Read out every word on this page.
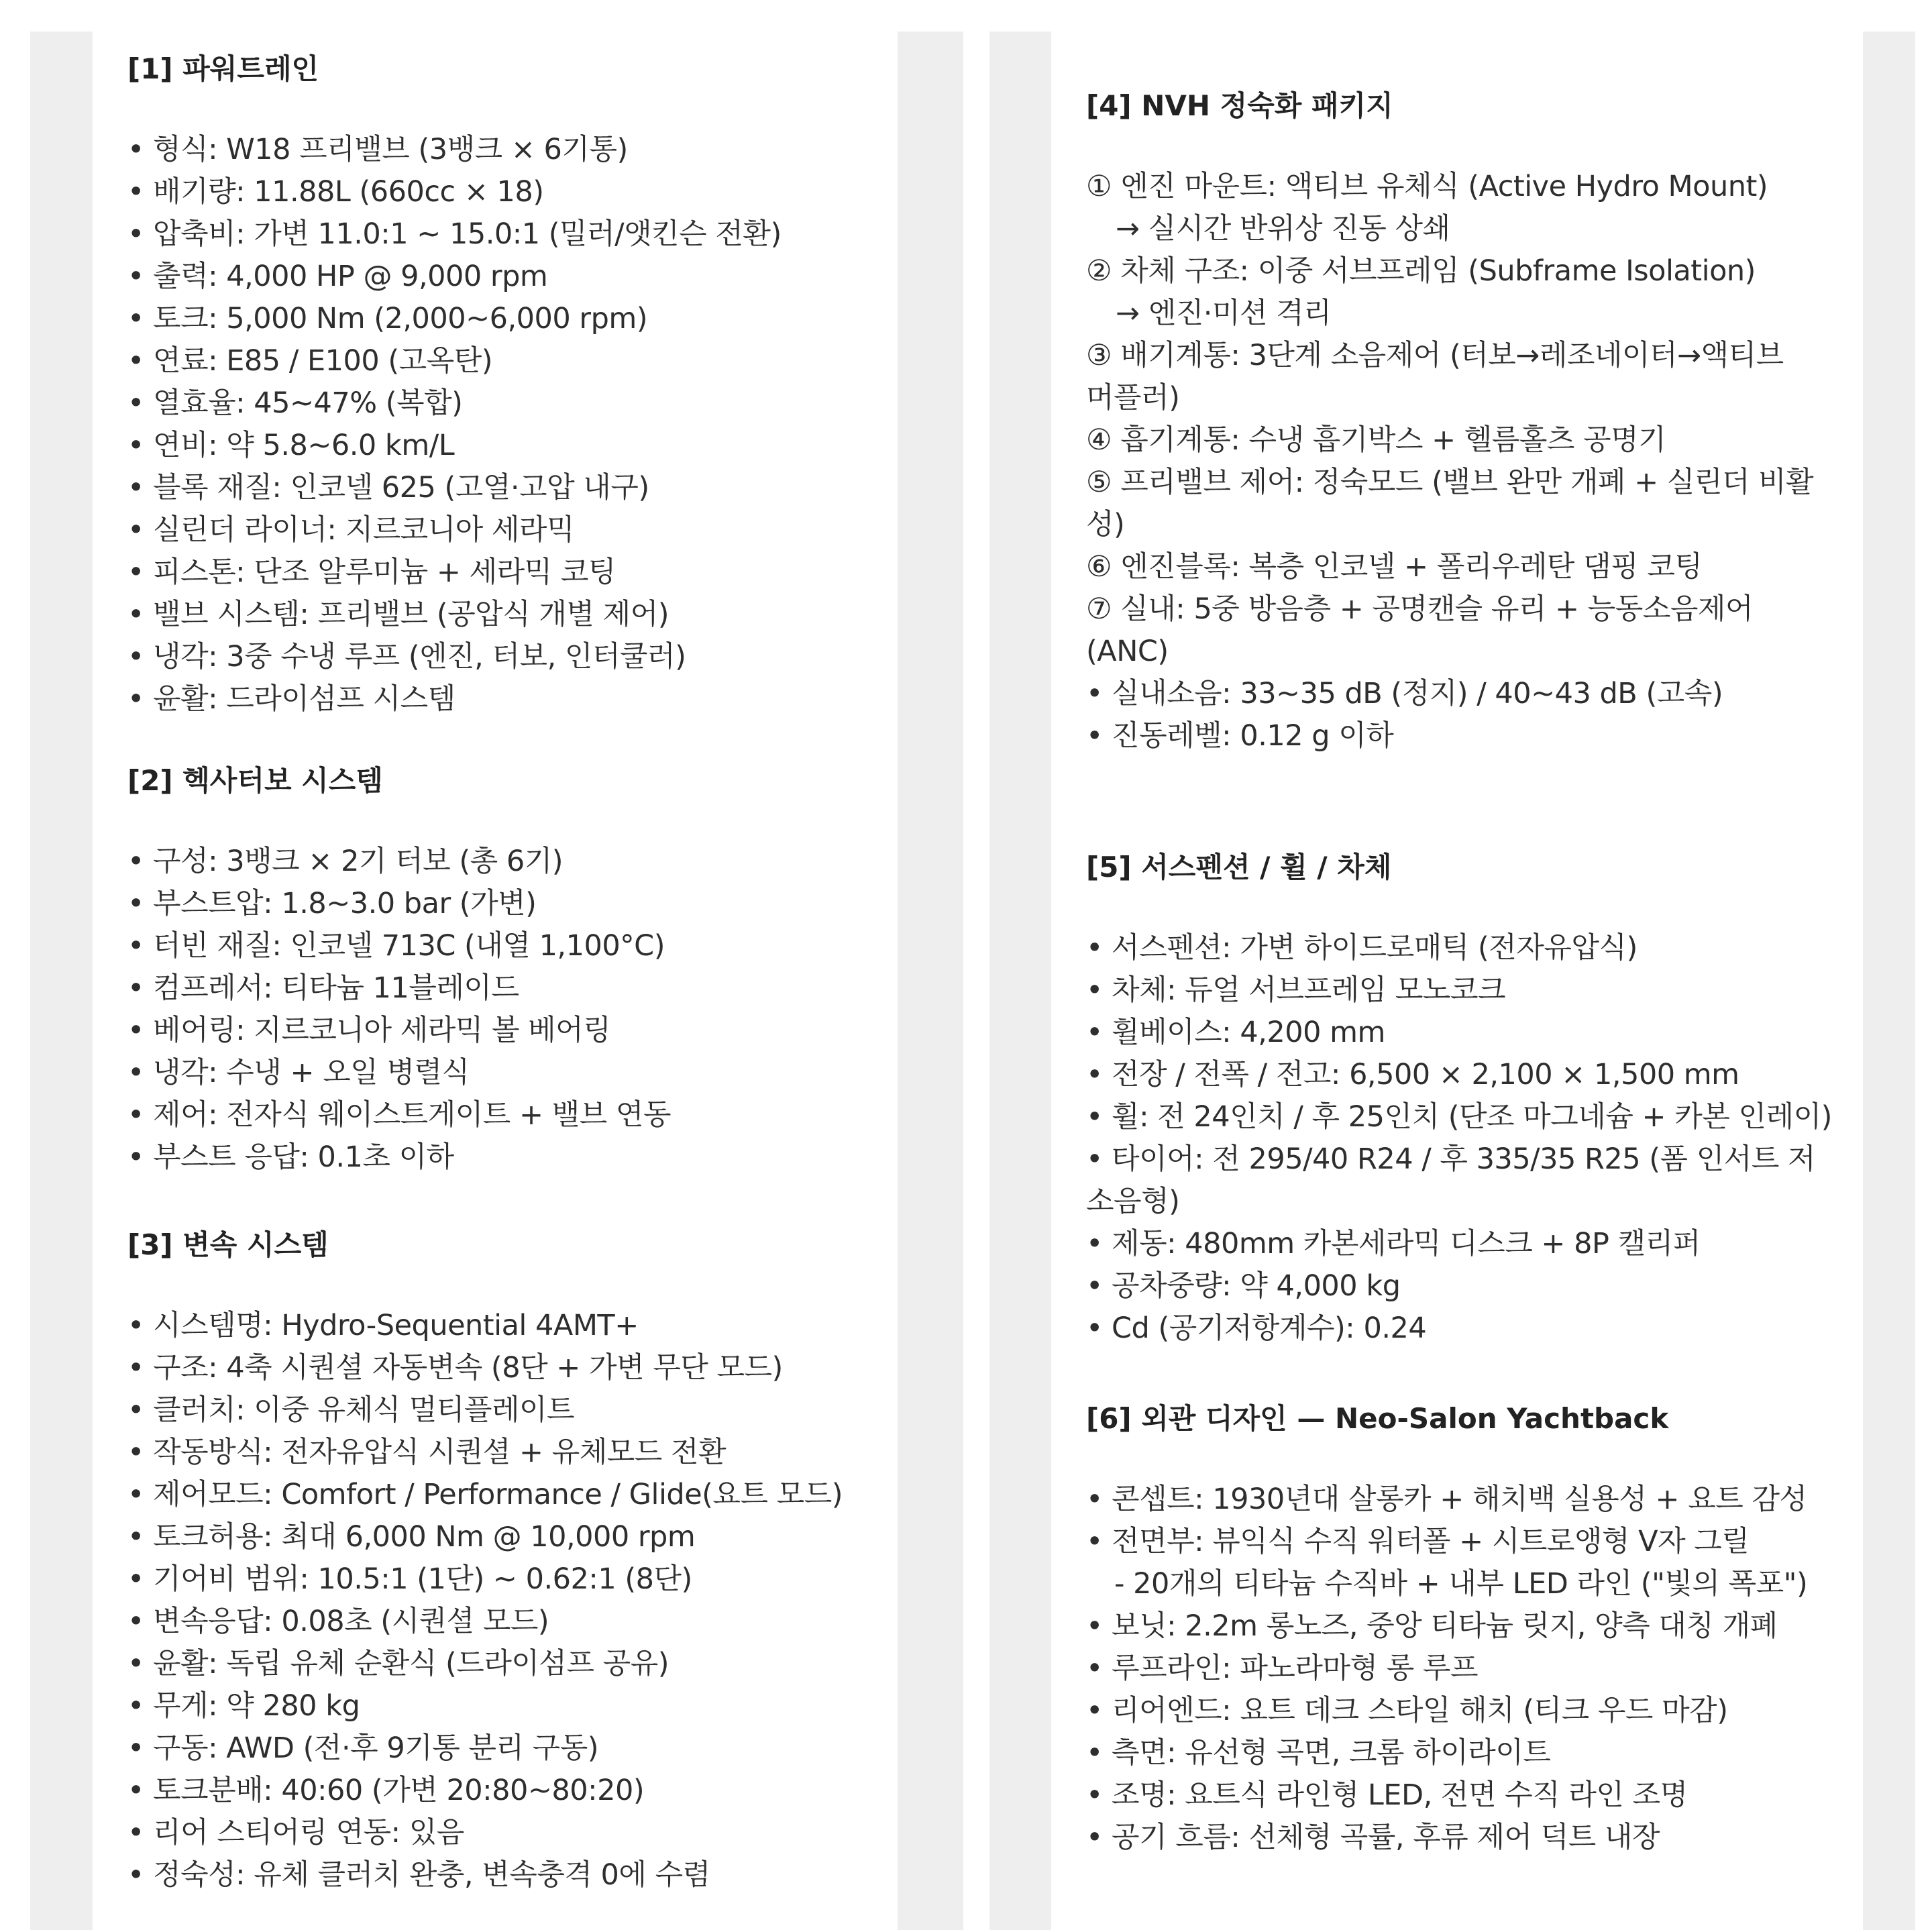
[1] 파워트레인
• 형식: W18 프리밸브 (3뱅크 × 6기통)
• 배기량: 11.88L (660cc × 18)
• 압축비: 가변 11.0:1 ~ 15.0:1 (밀러/앳킨슨 전환)
• 출력: 4,000 HP @ 9,000 rpm
• 토크: 5,000 Nm (2,000~6,000 rpm)
• 연료: E85 / E100 (고옥탄)
• 열효율: 45~47% (복합)
• 연비: 약 5.8~6.0 km/L
• 블록 재질: 인코넬 625 (고열·고압 내구)
• 실린더 라이너: 지르코니아 세라믹
• 피스톤: 단조 알루미늄 + 세라믹 코팅
• 밸브 시스템: 프리밸브 (공압식 개별 제어)
• 냉각: 3중 수냉 루프 (엔진, 터보, 인터쿨러)
• 윤활: 드라이섬프 시스템
[2] 헥사터보 시스템
• 구성: 3뱅크 × 2기 터보 (총 6기)
• 부스트압: 1.8~3.0 bar (가변)
• 터빈 재질: 인코넬 713C (내열 1,100°C)
• 컴프레서: 티타늄 11블레이드
• 베어링: 지르코니아 세라믹 볼 베어링
• 냉각: 수냉 + 오일 병렬식
• 제어: 전자식 웨이스트게이트 + 밸브 연동
• 부스트 응답: 0.1초 이하
[3] 변속 시스템
• 시스템명: Hydro-Sequential 4AMT+
• 구조: 4축 시퀀셜 자동변속 (8단 + 가변 무단 모드)
• 클러치: 이중 유체식 멀티플레이트
• 작동방식: 전자유압식 시퀀셜 + 유체모드 전환
• 제어모드: Comfort / Performance / Glide(요트 모드)
• 토크허용: 최대 6,000 Nm @ 10,000 rpm
• 기어비 범위: 10.5:1 (1단) ~ 0.62:1 (8단)
• 변속응답: 0.08초 (시퀀셜 모드)
• 윤활: 독립 유체 순환식 (드라이섬프 공유)
• 무게: 약 280 kg
• 구동: AWD (전·후 9기통 분리 구동)
• 토크분배: 40:60 (가변 20:80~80:20)
• 리어 스티어링 연동: 있음
• 정숙성: 유체 클러치 완충, 변속충격 0에 수렴
[4] NVH 정숙화 패키지
① 엔진 마운트: 액티브 유체식 (Active Hydro Mount)
→ 실시간 반위상 진동 상쇄
② 차체 구조: 이중 서브프레임 (Subframe Isolation)
→ 엔진·미션 격리
③ 배기계통: 3단계 소음제어 (터보→레조네이터→액티브
머플러)
④ 흡기계통: 수냉 흡기박스 + 헬름홀츠 공명기
⑤ 프리밸브 제어: 정숙모드 (밸브 완만 개폐 + 실린더 비활
성)
⑥ 엔진블록: 복층 인코넬 + 폴리우레탄 댐핑 코팅
⑦ 실내: 5중 방음층 + 공명캔슬 유리 + 능동소음제어
(ANC)
• 실내소음: 33~35 dB (정지) / 40~43 dB (고속)
• 진동레벨: 0.12 g 이하
[5] 서스펜션 / 휠 / 차체
• 서스펜션: 가변 하이드로매틱 (전자유압식)
• 차체: 듀얼 서브프레임 모노코크
• 휠베이스: 4,200 mm
• 전장 / 전폭 / 전고: 6,500 × 2,100 × 1,500 mm
• 휠: 전 24인치 / 후 25인치 (단조 마그네슘 + 카본 인레이)
• 타이어: 전 295/40 R24 / 후 335/35 R25 (폼 인서트 저
소음형)
• 제동: 480mm 카본세라믹 디스크 + 8P 캘리퍼
• 공차중량: 약 4,000 kg
• Cd (공기저항계수): 0.24
[6] 외관 디자인 — Neo-Salon Yachtback
• 콘셉트: 1930년대 살롱카 + 해치백 실용성 + 요트 감성
• 전면부: 뷰익식 수직 워터폴 + 시트로앵형 V자 그릴
- 20개의 티타늄 수직바 + 내부 LED 라인 ("빛의 폭포")
• 보닛: 2.2m 롱노즈, 중앙 티타늄 릿지, 양측 대칭 개폐
• 루프라인: 파노라마형 롱 루프
• 리어엔드: 요트 데크 스타일 해치 (티크 우드 마감)
• 측면: 유선형 곡면, 크롬 하이라이트
• 조명: 요트식 라인형 LED, 전면 수직 라인 조명
• 공기 흐름: 선체형 곡률, 후류 제어 덕트 내장
